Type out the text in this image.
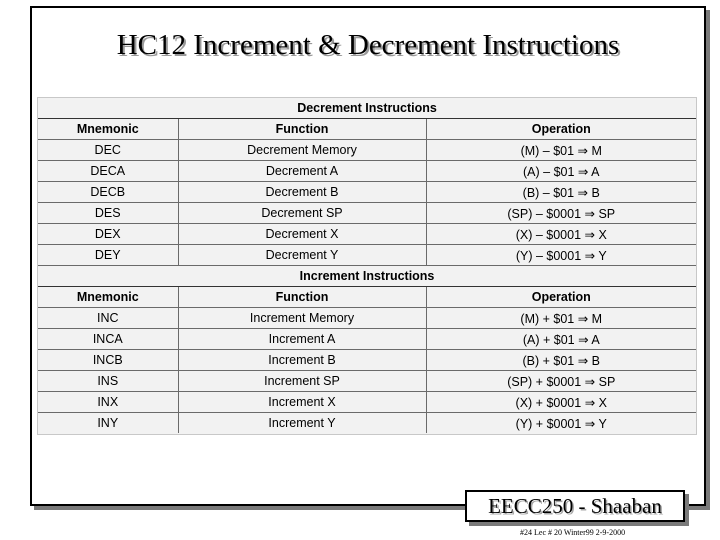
HC12 Increment & Decrement Instructions
Decrement Instructions		
Mnemonic	Function	Operation
DEC	Decrement Memory	(M) – $01 ⇒ M
DECA	Decrement A	(A) – $01 ⇒ A
DECB	Decrement B	(B) – $01 ⇒ B
DES	Decrement SP	(SP) – $0001 ⇒ SP
DEX	Decrement X	(X) – $0001 ⇒ X
DEY	Decrement Y	(Y) – $0001 ⇒ Y
Increment Instructions		
Mnemonic	Function	Operation
INC	Increment Memory	(M) + $01 ⇒ M
INCA	Increment A	(A) + $01 ⇒ A
INCB	Increment B	(B) + $01 ⇒ B
INS	Increment SP	(SP) + $0001 ⇒ SP
INX	Increment X	(X) + $0001 ⇒ X
INY	Increment Y	(Y) + $0001 ⇒ Y
EECC250 - Shaaban
#24 Lec # 20 Winter99 2-9-2000
